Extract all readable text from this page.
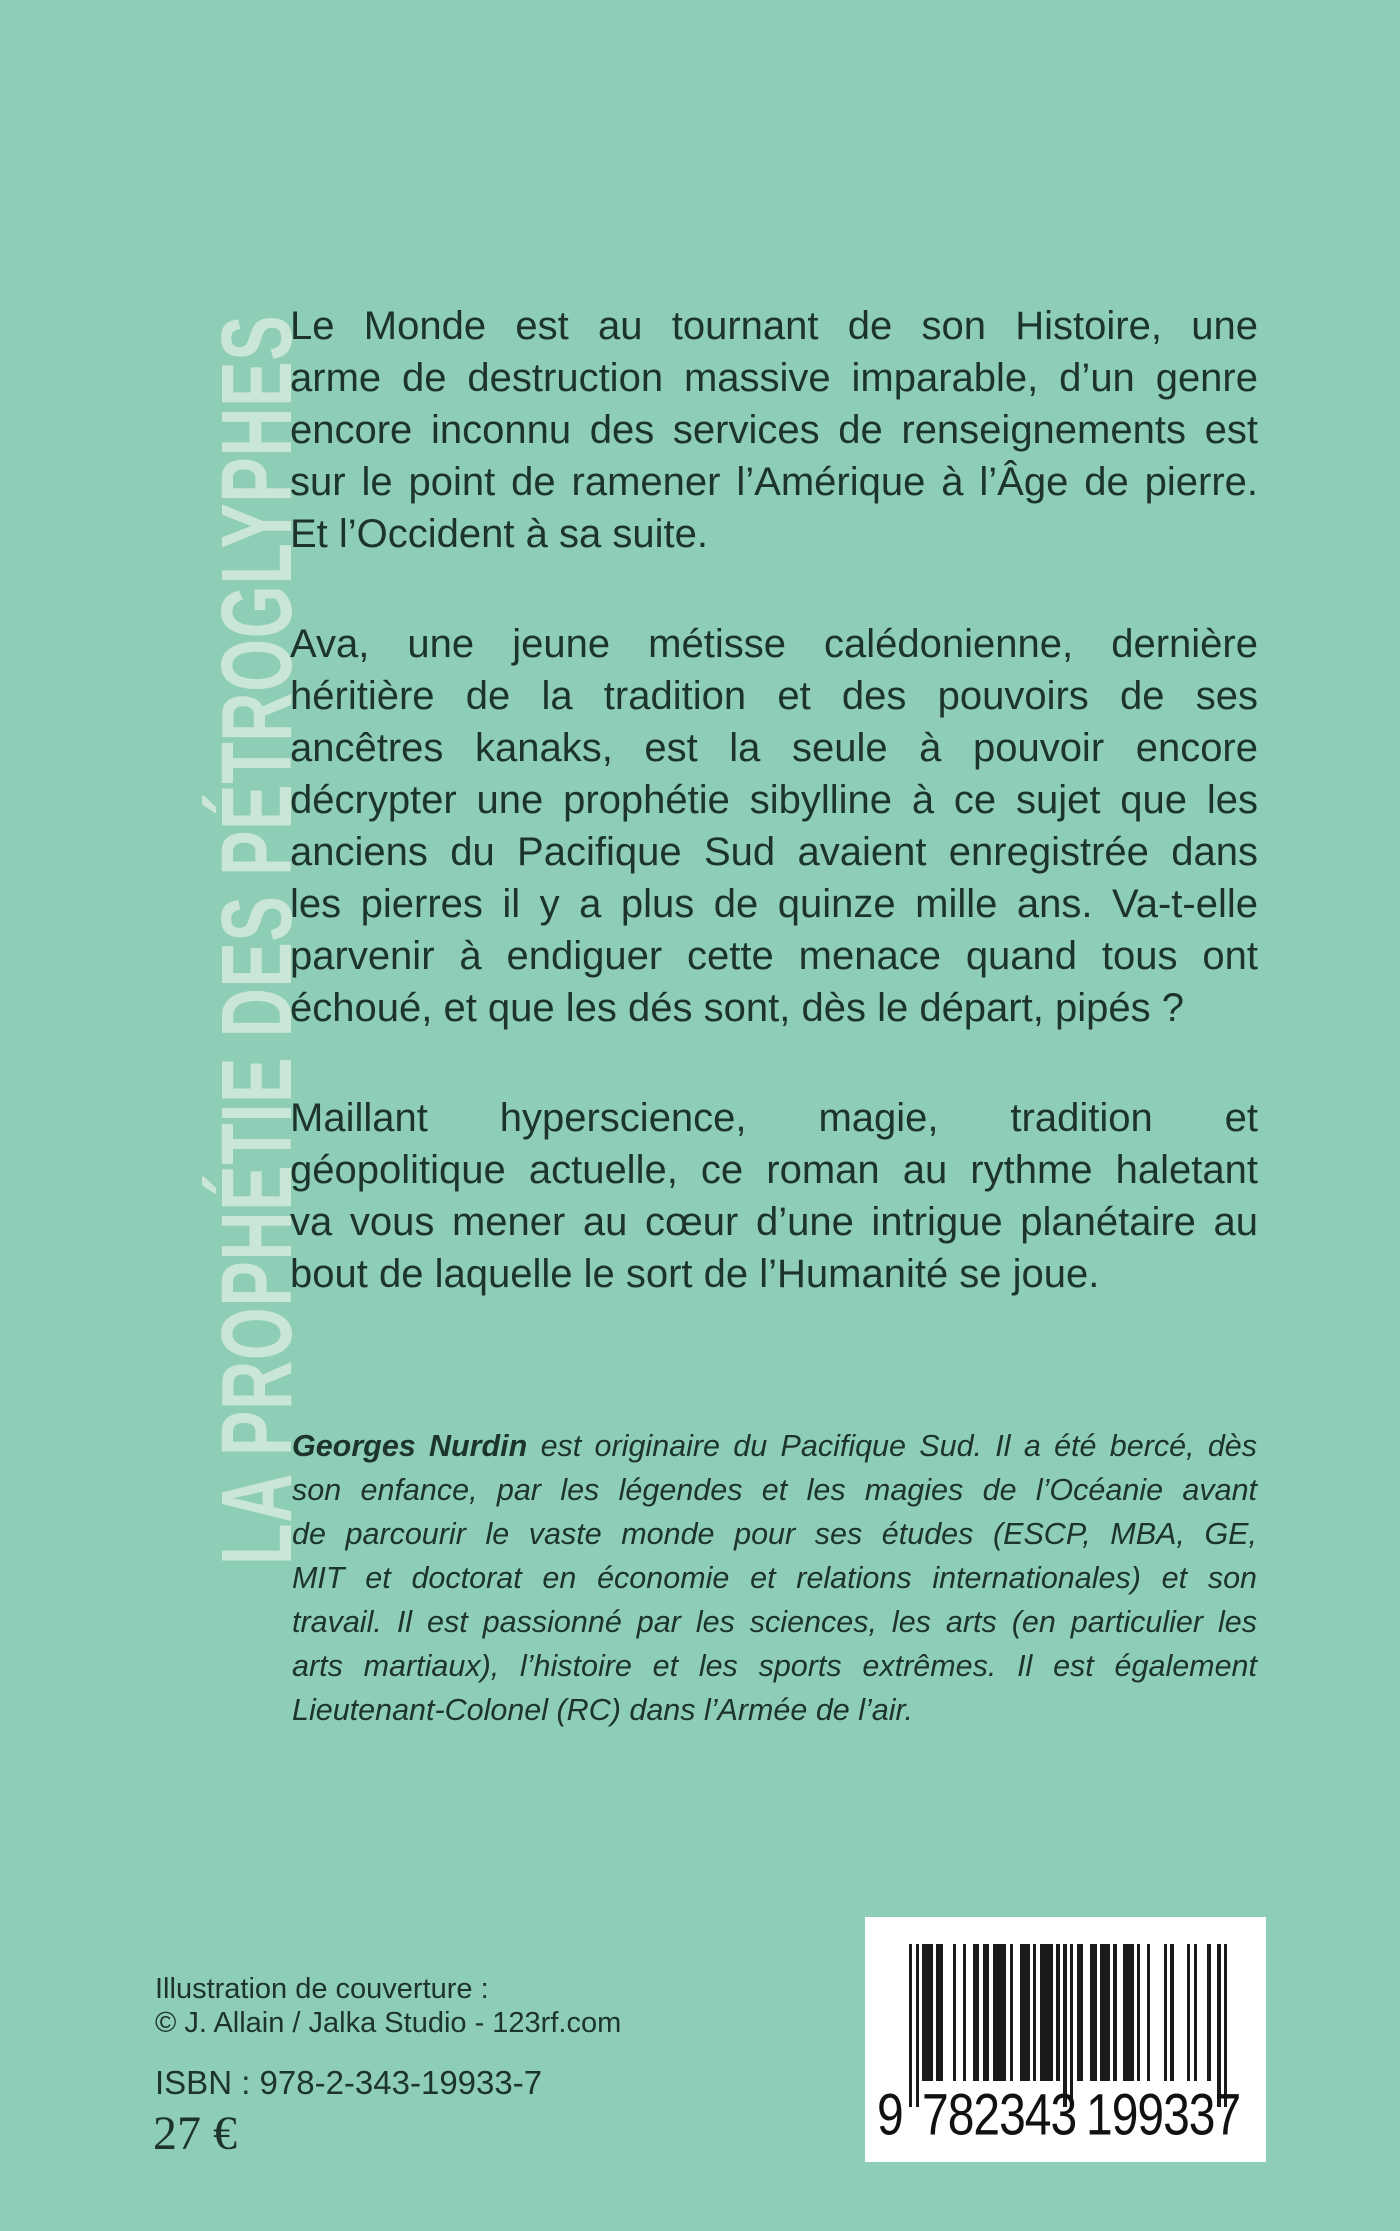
LA PROPHÉTIE DES PÉTROGLYPHES
Le Monde est au tournant de son Histoire, une
arme de destruction massive imparable, d’un genre
encore inconnu des services de renseignements est
sur le point de ramener l’Amérique à l’Âge de pierre.
Et l’Occident à sa suite.
Ava, une jeune métisse calédonienne, dernière
héritière de la tradition et des pouvoirs de ses
ancêtres kanaks, est la seule à pouvoir encore
décrypter une prophétie sibylline à ce sujet que les
anciens du Pacifique Sud avaient enregistrée dans
les pierres il y a plus de quinze mille ans. Va-t-elle
parvenir à endiguer cette menace quand tous ont
échoué, et que les dés sont, dès le départ, pipés ?
Maillant hyperscience, magie, tradition et
géopolitique actuelle, ce roman au rythme haletant
va vous mener au cœur d’une intrigue planétaire au
bout de laquelle le sort de l’Humanité se joue.
Georges Nurdin est originaire du Pacifique Sud. Il a été bercé, dès
son enfance, par les légendes et les magies de l’Océanie avant
de parcourir le vaste monde pour ses études (ESCP, MBA, GE,
MIT et doctorat en économie et relations internationales) et son
travail. Il est passionné par les sciences, les arts (en particulier les
arts martiaux), l’histoire et les sports extrêmes. Il est également
Lieutenant-Colonel (RC) dans l’Armée de l’air.
Illustration de couverture :
© J. Allain / Jalka Studio - 123rf.com
ISBN : 978-2-343-19933-7
27 €	9 782343 199337
